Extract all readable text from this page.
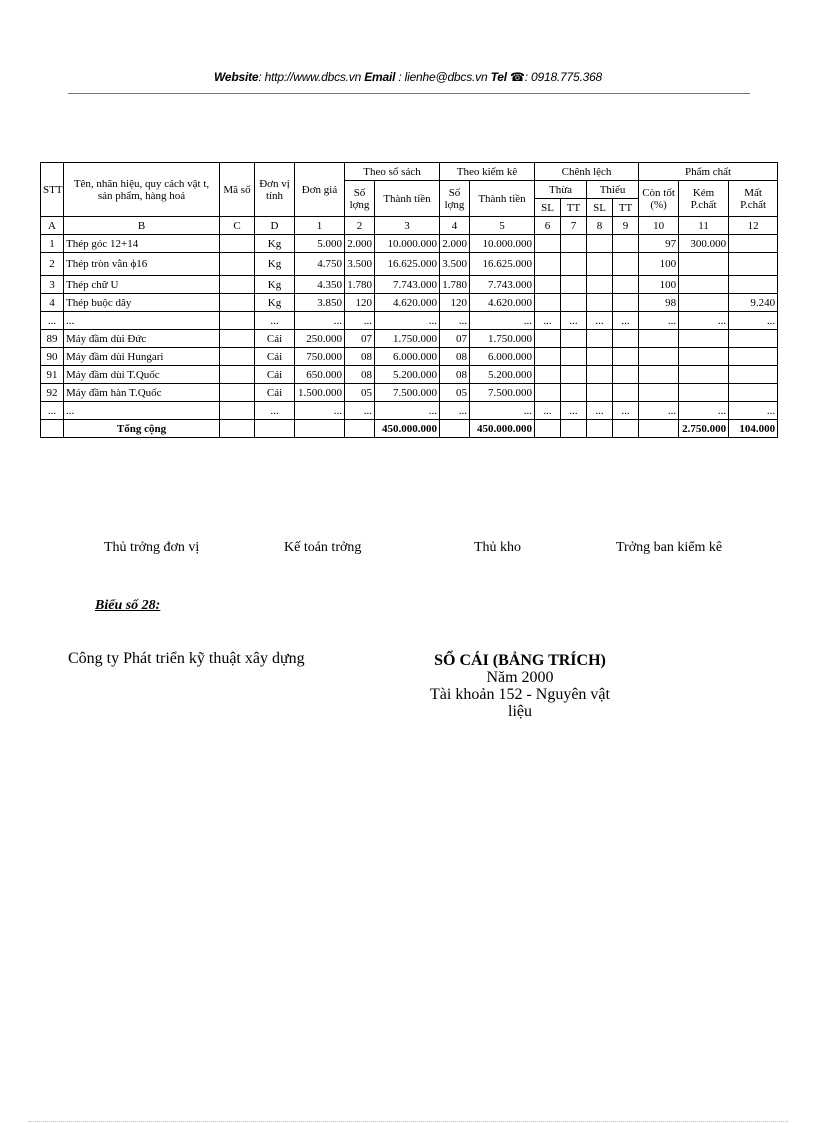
Website: http://www.dbcs.vn Email : lienhe@dbcs.vn Tel ☎: 0918.775.368
STT	Tên, nhãn hiệu, quy cách vật t, sản phẩm, hàng hoá	Mã số	Đơn vị tính	Đơn giá	Theo sổ sách		Theo kiểm kê		Chênh lệch				Phẩm chất		
					Số lợng	Thành tiền	Số lợng	Thành tiền	Thừa		Thiếu		Còn tốt (%)	Kém P.chất	Mất P.chất
									SL	TT	SL	TT			
A	B	C	D	1	2	3	4	5	6	7	8	9	10	11	12
1	Thép góc 12+14		Kg	5.000	2.000	10.000.000	2.000	10.000.000					97	300.000	
2	Thép tròn vằn ϕ16		Kg	4.750	3.500	16.625.000	3.500	16.625.000					100		
3	Thép chữ U		Kg	4.350	1.780	7.743.000	1.780	7.743.000					100		
4	Thép buộc dây		Kg	3.850	120	4.620.000	120	4.620.000					98		9.240
...	...		...	...	...	...	...	...	...	...	...	...	...	...	...
89	Máy đầm dùi Đức		Cái	250.000	07	1.750.000	07	1.750.000							
90	Máy đầm dùi Hungari		Cái	750.000	08	6.000.000	08	6.000.000							
91	Máy đầm dùi T.Quốc		Cái	650.000	08	5.200.000	08	5.200.000							
92	Máy đầm hàn T.Quốc		Cái	1.500.000	05	7.500.000	05	7.500.000							
...	...		...	...	...	...	...	...	...	...	...	...	...	...	...
	Tổng cộng					450.000.000		450.000.000						2.750.000	104.000
Thủ trởng đơn vị	Kế toán trởng	Thủ kho	Trởng ban kiểm kê
Biểu số 28:
Công ty Phát triển kỹ thuật xây dựng	SỔ CÁI (BẢNG TRÍCH)
Năm 2000
Tài khoản 152 - Nguyên vật liệu
